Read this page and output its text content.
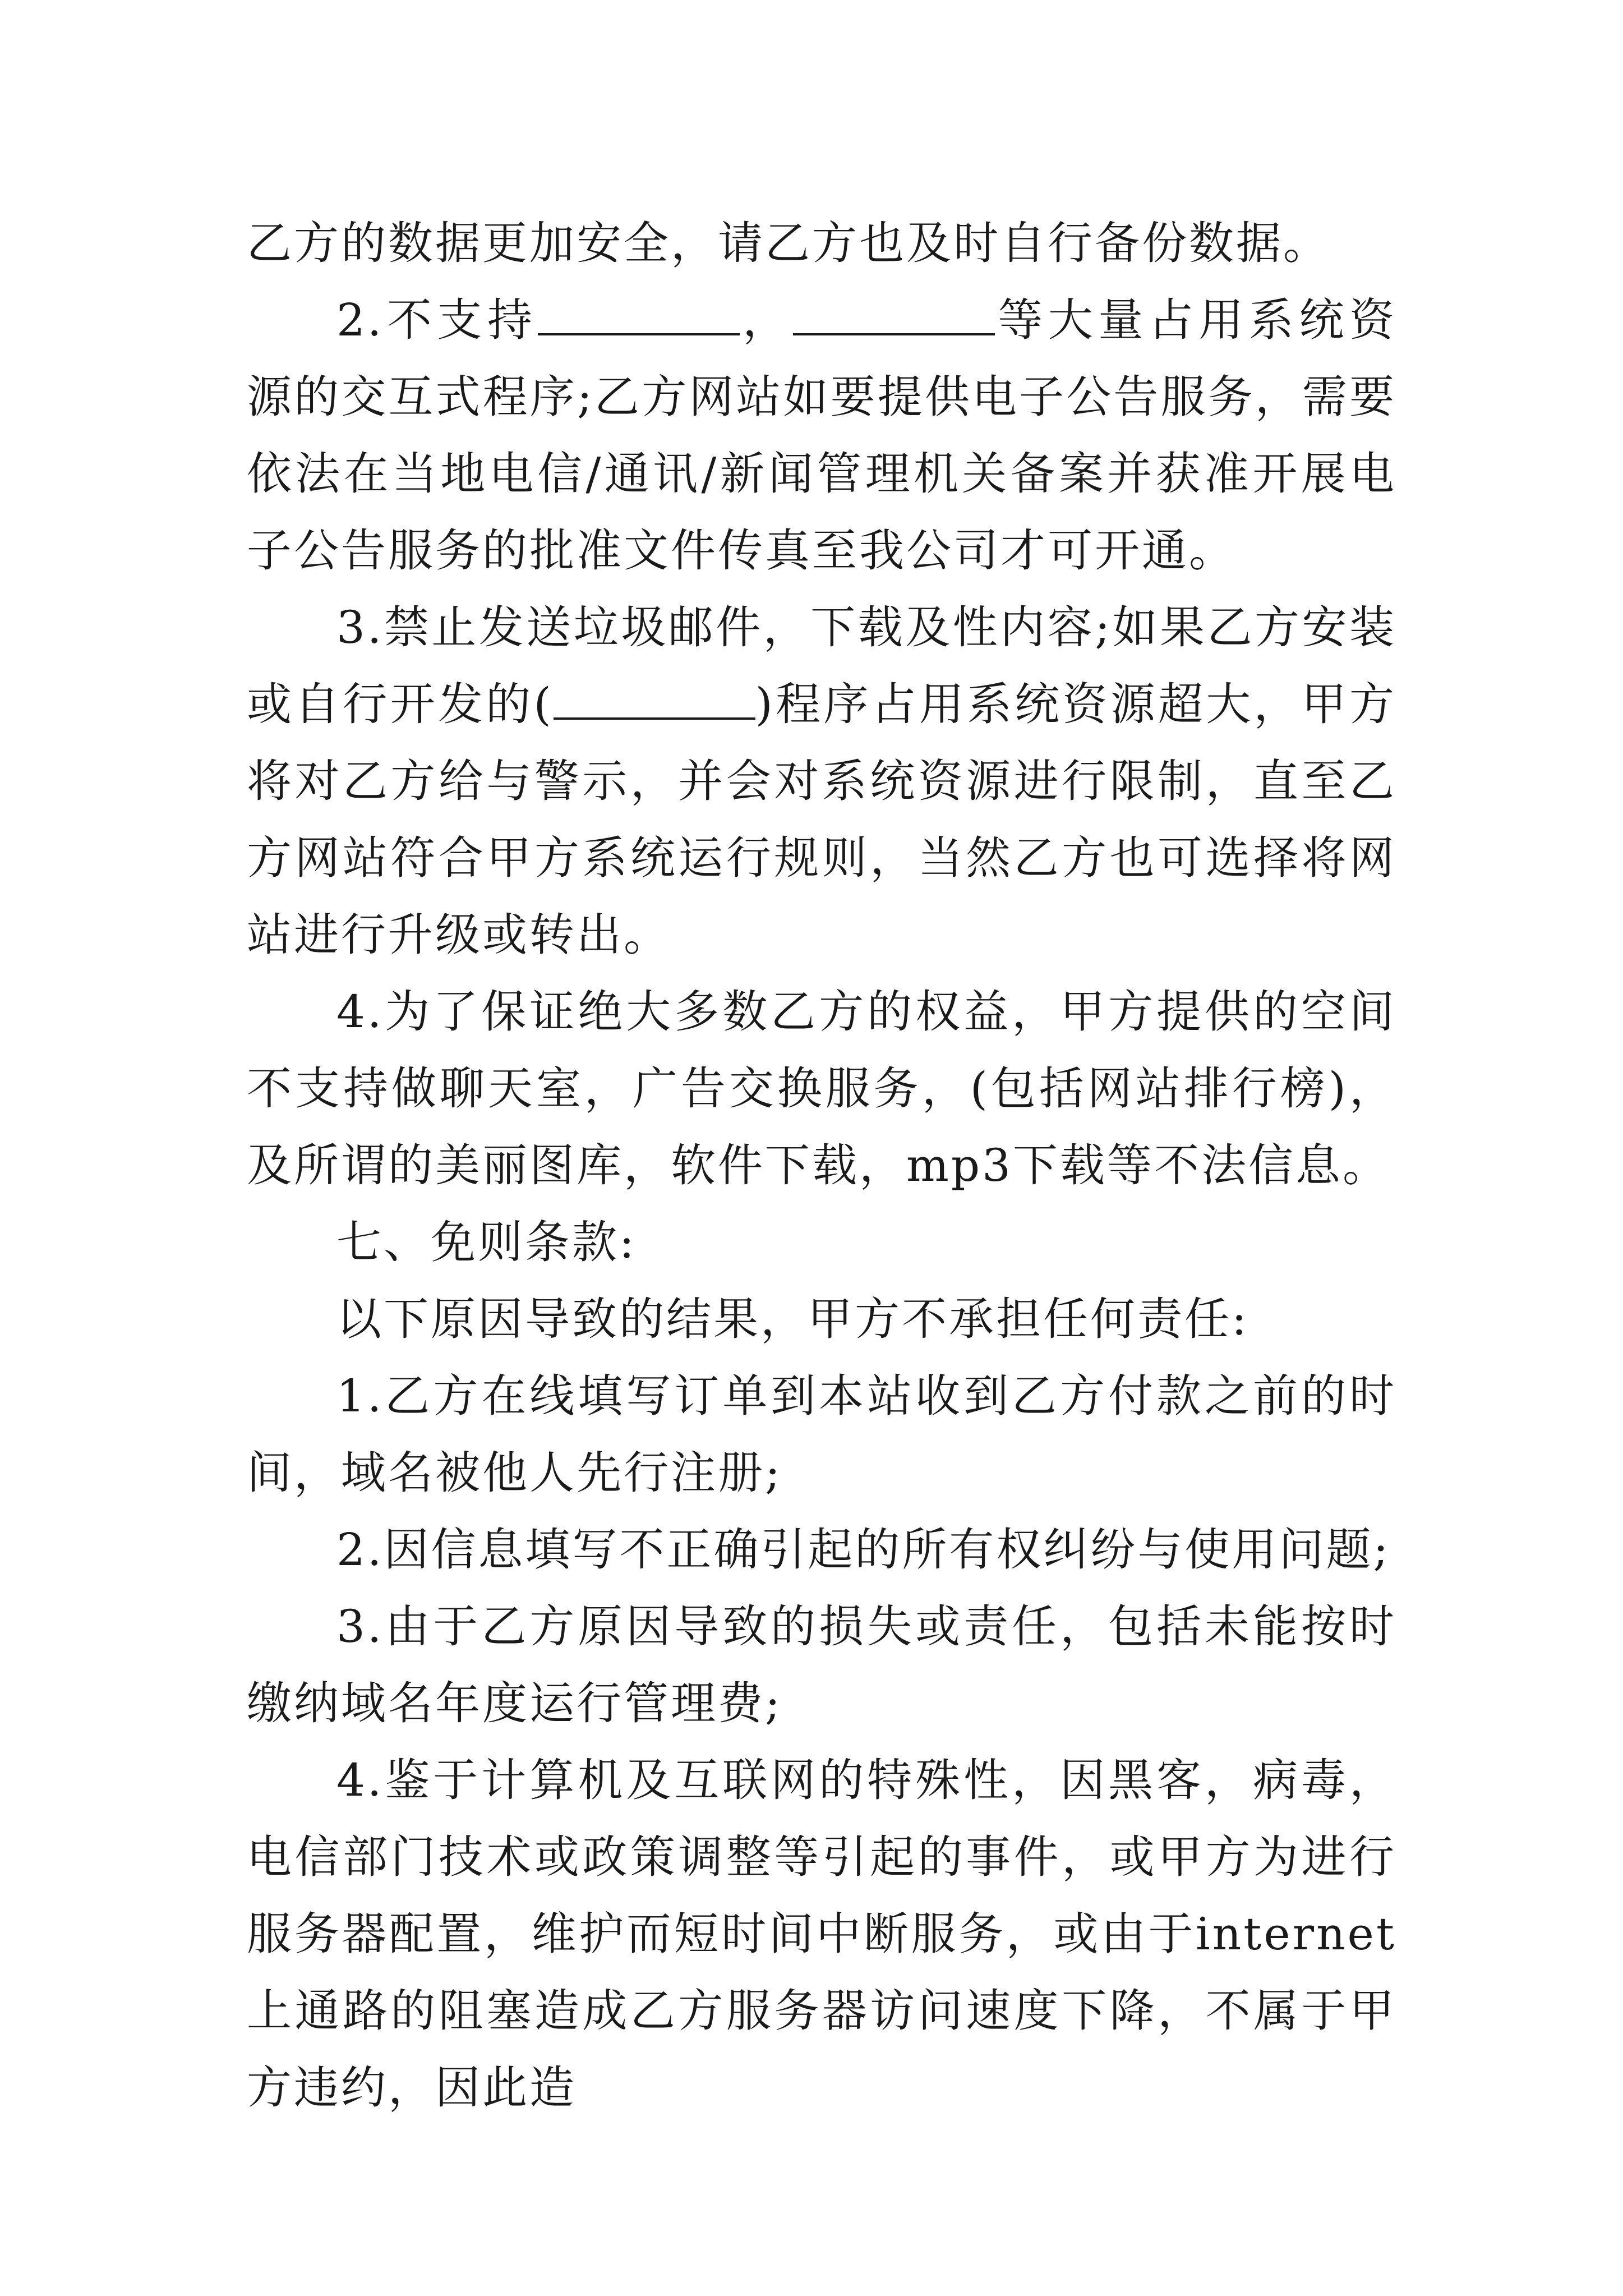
乙方的数据更加安全，请乙方也及时自行备份数据。

2.不支持	，	等大量占用系统资源的交互式程序;乙方网站如要提供电子公告服务，需要依法在当地电信/通讯/新闻管理机关备案并获准开展电子公告服务的批准文件传真至我公司才可开通。

3.禁止发送垃圾邮件，下载及性内容;如果乙方安装或自行开发的(	)程序占用系统资源超大，甲方将对乙方给与警示，并会对系统资源进行限制，直至乙方网站符合甲方系统运行规则，当然乙方也可选择将网站进行升级或转出。

4.为了保证绝大多数乙方的权益，甲方提供的空间不支持做聊天室，广告交换服务，(包括网站排行榜)，及所谓的美丽图库，软件下载，mp3下载等不法信息。

七、免则条款:

以下原因导致的结果，甲方不承担任何责任:

1.乙方在线填写订单到本站收到乙方付款之前的时间，域名被他人先行注册;

2.因信息填写不正确引起的所有权纠纷与使用问题;

3.由于乙方原因导致的损失或责任，包括未能按时缴纳域名年度运行管理费;

4.鉴于计算机及互联网的特殊性，因黑客，病毒，电信部门技术或政策调整等引起的事件，或甲方为进行服务器配置，维护而短时间中断服务，或由于internet上通路的阻塞造成乙方服务器访问速度下降，不属于甲方违约，因此造
